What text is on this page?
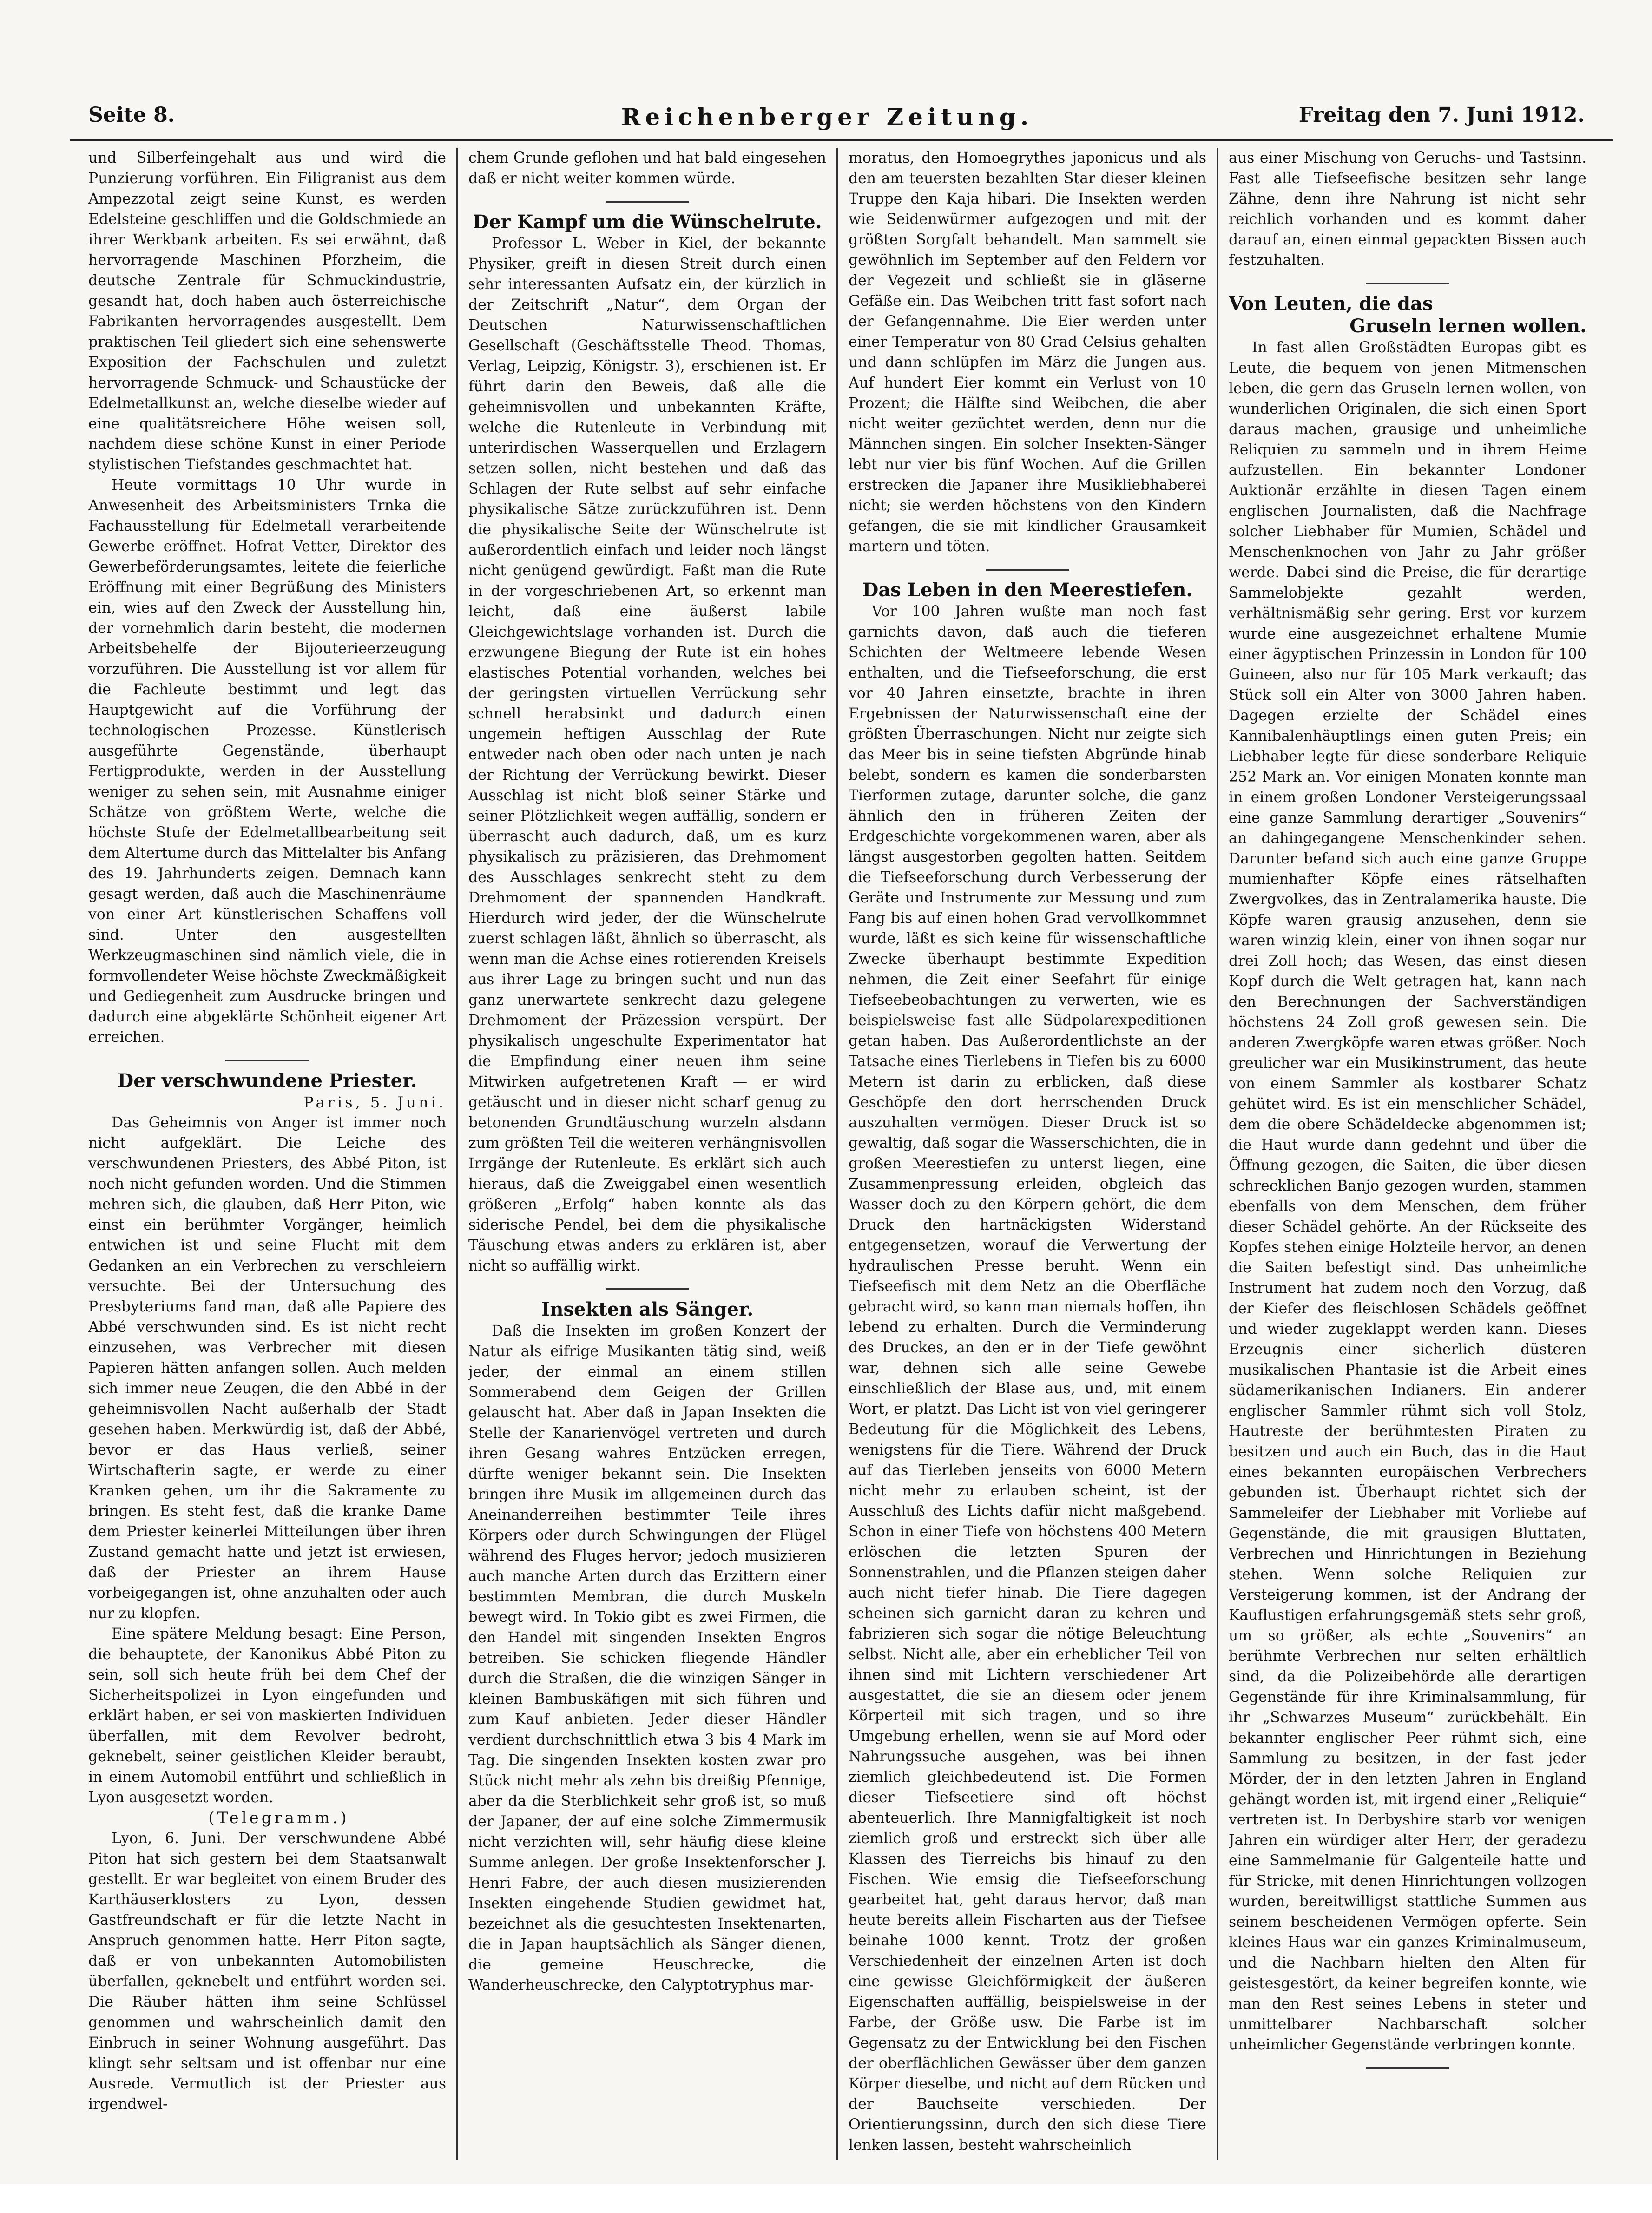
Seite 8.	Reichenberger Zeitung.	Freitag den 7. Juni 1912.

und Silberfeingehalt aus und wird die Punzierung vorführen. Ein Filigranist aus dem Ampezzotal zeigt seine Kunst, es werden Edelsteine geschliffen und die Goldschmiede an ihrer Werkbank arbeiten. Es sei erwähnt, daß hervorragende Maschinen Pforzheim, die deutsche Zentrale für Schmuckindustrie, gesandt hat, doch haben auch österreichische Fabrikanten hervorragendes ausgestellt. Dem praktischen Teil gliedert sich eine sehenswerte Exposition der Fachschulen und zuletzt hervorragende Schmuck- und Schaustücke der Edelmetallkunst an, welche dieselbe wieder auf eine qualitätsreichere Höhe weisen soll, nachdem diese schöne Kunst in einer Periode stylistischen Tiefstandes geschmachtet hat.

Heute vormittags 10 Uhr wurde in Anwesenheit des Arbeitsministers Trnka die Fachausstellung für Edelmetall verarbeitende Gewerbe eröffnet. Hofrat Vetter, Direktor des Gewerbeförderungsamtes, leitete die feierliche Eröffnung mit einer Begrüßung des Ministers ein, wies auf den Zweck der Ausstellung hin, der vornehmlich darin besteht, die modernen Arbeitsbehelfe der Bijouterieerzeugung vorzuführen. Die Ausstellung ist vor allem für die Fachleute bestimmt und legt das Hauptgewicht auf die Vorführung der technologischen Prozesse. Künstlerisch ausgeführte Gegenstände, überhaupt Fertigprodukte, werden in der Ausstellung weniger zu sehen sein, mit Ausnahme einiger Schätze von größtem Werte, welche die höchste Stufe der Edelmetallbearbeitung seit dem Altertume durch das Mittelalter bis Anfang des 19. Jahrhunderts zeigen. Demnach kann gesagt werden, daß auch die Maschinenräume von einer Art künstlerischen Schaffens voll sind. Unter den ausgestellten Werkzeugmaschinen sind nämlich viele, die in formvollendeter Weise höchste Zweckmäßigkeit und Gediegenheit zum Ausdrucke bringen und dadurch eine abgeklärte Schönheit eigener Art erreichen.

Der verschwundene Priester.

Paris, 5. Juni.

Das Geheimnis von Anger ist immer noch nicht aufgeklärt. Die Leiche des verschwundenen Priesters, des Abbé Piton, ist noch nicht gefunden worden. Und die Stimmen mehren sich, die glauben, daß Herr Piton, wie einst ein berühmter Vorgänger, heimlich entwichen ist und seine Flucht mit dem Gedanken an ein Verbrechen zu verschleiern versuchte. Bei der Untersuchung des Presbyteriums fand man, daß alle Papiere des Abbé verschwunden sind. Es ist nicht recht einzusehen, was Verbrecher mit diesen Papieren hätten anfangen sollen. Auch melden sich immer neue Zeugen, die den Abbé in der geheimnisvollen Nacht außerhalb der Stadt gesehen haben. Merkwürdig ist, daß der Abbé, bevor er das Haus verließ, seiner Wirtschafterin sagte, er werde zu einer Kranken gehen, um ihr die Sakramente zu bringen. Es steht fest, daß die kranke Dame dem Priester keinerlei Mitteilungen über ihren Zustand gemacht hatte und jetzt ist erwiesen, daß der Priester an ihrem Hause vorbeigegangen ist, ohne anzuhalten oder auch nur zu klopfen.

Eine spätere Meldung besagt: Eine Person, die behauptete, der Kanonikus Abbé Piton zu sein, soll sich heute früh bei dem Chef der Sicherheitspolizei in Lyon eingefunden und erklärt haben, er sei von maskierten Individuen überfallen, mit dem Revolver bedroht, geknebelt, seiner geistlichen Kleider beraubt, in einem Automobil entführt und schließlich in Lyon ausgesetzt worden.

(Telegramm.)

Lyon, 6. Juni. Der verschwundene Abbé Piton hat sich gestern bei dem Staatsanwalt gestellt. Er war begleitet von einem Bruder des Karthäuserklosters zu Lyon, dessen Gastfreundschaft er für die letzte Nacht in Anspruch genommen hatte. Herr Piton sagte, daß er von unbekannten Automobilisten überfallen, geknebelt und entführt worden sei. Die Räuber hätten ihm seine Schlüssel genommen und wahrscheinlich damit den Einbruch in seiner Wohnung ausgeführt. Das klingt sehr seltsam und ist offenbar nur eine Ausrede. Vermutlich ist der Priester aus irgendwel-

chem Grunde geflohen und hat bald eingesehen daß er nicht weiter kommen würde.

Der Kampf um die Wünschelrute.

Professor L. Weber in Kiel, der bekannte Physiker, greift in diesen Streit durch einen sehr interessanten Aufsatz ein, der kürzlich in der Zeitschrift „Natur“, dem Organ der Deutschen Naturwissenschaftlichen Gesellschaft (Geschäftsstelle Theod. Thomas, Verlag, Leipzig, Königstr. 3), erschienen ist. Er führt darin den Beweis, daß alle die geheimnisvollen und unbekannten Kräfte, welche die Rutenleute in Verbindung mit unterirdischen Wasserquellen und Erzlagern setzen sollen, nicht bestehen und daß das Schlagen der Rute selbst auf sehr einfache physikalische Sätze zurückzuführen ist. Denn die physikalische Seite der Wünschelrute ist außerordentlich einfach und leider noch längst nicht genügend gewürdigt. Faßt man die Rute in der vorgeschriebenen Art, so erkennt man leicht, daß eine äußerst labile Gleichgewichtslage vorhanden ist. Durch die erzwungene Biegung der Rute ist ein hohes elastisches Potential vorhanden, welches bei der geringsten virtuellen Verrückung sehr schnell herabsinkt und dadurch einen ungemein heftigen Ausschlag der Rute entweder nach oben oder nach unten je nach der Richtung der Verrückung bewirkt. Dieser Ausschlag ist nicht bloß seiner Stärke und seiner Plötzlichkeit wegen auffällig, sondern er überrascht auch dadurch, daß, um es kurz physikalisch zu präzisieren, das Drehmoment des Ausschlages senkrecht steht zu dem Drehmoment der spannenden Handkraft. Hierdurch wird jeder, der die Wünschelrute zuerst schlagen läßt, ähnlich so überrascht, als wenn man die Achse eines rotierenden Kreisels aus ihrer Lage zu bringen sucht und nun das ganz unerwartete senkrecht dazu gelegene Drehmoment der Präzession verspürt. Der physikalisch ungeschulte Experimentator hat die Empfindung einer neuen ihm seine Mitwirken aufgetretenen Kraft — er wird getäuscht und in dieser nicht scharf genug zu betonenden Grundtäuschung wurzeln alsdann zum größten Teil die weiteren verhängnisvollen Irrgänge der Rutenleute. Es erklärt sich auch hieraus, daß die Zweiggabel einen wesentlich größeren „Erfolg“ haben konnte als das siderische Pendel, bei dem die physikalische Täuschung etwas anders zu erklären ist, aber nicht so auffällig wirkt.

Insekten als Sänger.

Daß die Insekten im großen Konzert der Natur als eifrige Musikanten tätig sind, weiß jeder, der einmal an einem stillen Sommerabend dem Geigen der Grillen gelauscht hat. Aber daß in Japan Insekten die Stelle der Kanarienvögel vertreten und durch ihren Gesang wahres Entzücken erregen, dürfte weniger bekannt sein. Die Insekten bringen ihre Musik im allgemeinen durch das Aneinanderreihen bestimmter Teile ihres Körpers oder durch Schwingungen der Flügel während des Fluges hervor; jedoch musizieren auch manche Arten durch das Erzittern einer bestimmten Membran, die durch Muskeln bewegt wird. In Tokio gibt es zwei Firmen, die den Handel mit singenden Insekten Engros betreiben. Sie schicken fliegende Händler durch die Straßen, die die winzigen Sänger in kleinen Bambuskäfigen mit sich führen und zum Kauf anbieten. Jeder dieser Händler verdient durchschnittlich etwa 3 bis 4 Mark im Tag. Die singenden Insekten kosten zwar pro Stück nicht mehr als zehn bis dreißig Pfennige, aber da die Sterblichkeit sehr groß ist, so muß der Japaner, der auf eine solche Zimmermusik nicht verzichten will, sehr häufig diese kleine Summe anlegen. Der große Insektenforscher J. Henri Fabre, der auch diesen musizierenden Insekten eingehende Studien gewidmet hat, bezeichnet als die gesuchtesten Insektenarten, die in Japan hauptsächlich als Sänger dienen, die gemeine Heuschrecke, die Wanderheuschrecke, den Calyptotryphus mar-

moratus, den Homoegrythes japonicus und als den am teuersten bezahlten Star dieser kleinen Truppe den Kaja hibari. Die Insekten werden wie Seidenwürmer aufgezogen und mit der größten Sorgfalt behandelt. Man sammelt sie gewöhnlich im September auf den Feldern vor der Vegezeit und schließt sie in gläserne Gefäße ein. Das Weibchen tritt fast sofort nach der Gefangennahme. Die Eier werden unter einer Temperatur von 80 Grad Celsius gehalten und dann schlüpfen im März die Jungen aus. Auf hundert Eier kommt ein Verlust von 10 Prozent; die Hälfte sind Weibchen, die aber nicht weiter gezüchtet werden, denn nur die Männchen singen. Ein solcher Insekten-Sänger lebt nur vier bis fünf Wochen. Auf die Grillen erstrecken die Japaner ihre Musikliebhaberei nicht; sie werden höchstens von den Kindern gefangen, die sie mit kindlicher Grausamkeit martern und töten.

Das Leben in den Meerestiefen.

Vor 100 Jahren wußte man noch fast garnichts davon, daß auch die tieferen Schichten der Weltmeere lebende Wesen enthalten, und die Tiefseeforschung, die erst vor 40 Jahren einsetzte, brachte in ihren Ergebnissen der Naturwissenschaft eine der größten Überraschungen. Nicht nur zeigte sich das Meer bis in seine tiefsten Abgründe hinab belebt, sondern es kamen die sonderbarsten Tierformen zutage, darunter solche, die ganz ähnlich den in früheren Zeiten der Erdgeschichte vorgekommenen waren, aber als längst ausgestorben gegolten hatten. Seitdem die Tiefseeforschung durch Verbesserung der Geräte und Instrumente zur Messung und zum Fang bis auf einen hohen Grad vervollkommnet wurde, läßt es sich keine für wissenschaftliche Zwecke überhaupt bestimmte Expedition nehmen, die Zeit einer Seefahrt für einige Tiefseebeobachtungen zu verwerten, wie es beispielsweise fast alle Südpolarexpeditionen getan haben. Das Außerordentlichste an der Tatsache eines Tierlebens in Tiefen bis zu 6000 Metern ist darin zu erblicken, daß diese Geschöpfe den dort herrschenden Druck auszuhalten vermögen. Dieser Druck ist so gewaltig, daß sogar die Wasserschichten, die in großen Meerestiefen zu unterst liegen, eine Zusammenpressung erleiden, obgleich das Wasser doch zu den Körpern gehört, die dem Druck den hartnäckigsten Widerstand entgegensetzen, worauf die Verwertung der hydraulischen Presse beruht. Wenn ein Tiefseefisch mit dem Netz an die Oberfläche gebracht wird, so kann man niemals hoffen, ihn lebend zu erhalten. Durch die Verminderung des Druckes, an den er in der Tiefe gewöhnt war, dehnen sich alle seine Gewebe einschließlich der Blase aus, und, mit einem Wort, er platzt. Das Licht ist von viel geringerer Bedeutung für die Möglichkeit des Lebens, wenigstens für die Tiere. Während der Druck auf das Tierleben jenseits von 6000 Metern nicht mehr zu erlauben scheint, ist der Ausschluß des Lichts dafür nicht maßgebend. Schon in einer Tiefe von höchstens 400 Metern erlöschen die letzten Spuren der Sonnenstrahlen, und die Pflanzen steigen daher auch nicht tiefer hinab. Die Tiere dagegen scheinen sich garnicht daran zu kehren und fabrizieren sich sogar die nötige Beleuchtung selbst. Nicht alle, aber ein erheblicher Teil von ihnen sind mit Lichtern verschiedener Art ausgestattet, die sie an diesem oder jenem Körperteil mit sich tragen, und so ihre Umgebung erhellen, wenn sie auf Mord oder Nahrungssuche ausgehen, was bei ihnen ziemlich gleichbedeutend ist. Die Formen dieser Tiefseetiere sind oft höchst abenteuerlich. Ihre Mannigfaltigkeit ist noch ziemlich groß und erstreckt sich über alle Klassen des Tierreichs bis hinauf zu den Fischen. Wie emsig die Tiefseeforschung gearbeitet hat, geht daraus hervor, daß man heute bereits allein Fischarten aus der Tiefsee beinahe 1000 kennt. Trotz der großen Verschiedenheit der einzelnen Arten ist doch eine gewisse Gleichförmigkeit der äußeren Eigenschaften auffällig, beispielsweise in der Farbe, der Größe usw. Die Farbe ist im Gegensatz zu der Entwicklung bei den Fischen der oberflächlichen Gewässer über dem ganzen Körper dieselbe, und nicht auf dem Rücken und der Bauchseite verschieden. Der Orientierungssinn, durch den sich diese Tiere lenken lassen, besteht wahrscheinlich

aus einer Mischung von Geruchs- und Tastsinn. Fast alle Tiefseefische besitzen sehr lange Zähne, denn ihre Nahrung ist nicht sehr reichlich vorhanden und es kommt daher darauf an, einen einmal gepackten Bissen auch festzuhalten.

Von Leuten, die das

Gruseln lernen wollen.

In fast allen Großstädten Europas gibt es Leute, die bequem von jenen Mitmenschen leben, die gern das Gruseln lernen wollen, von wunderlichen Originalen, die sich einen Sport daraus machen, grausige und unheimliche Reliquien zu sammeln und in ihrem Heime aufzustellen. Ein bekannter Londoner Auktionär erzählte in diesen Tagen einem englischen Journalisten, daß die Nachfrage solcher Liebhaber für Mumien, Schädel und Menschenknochen von Jahr zu Jahr größer werde. Dabei sind die Preise, die für derartige Sammelobjekte gezahlt werden, verhältnismäßig sehr gering. Erst vor kurzem wurde eine ausgezeichnet erhaltene Mumie einer ägyptischen Prinzessin in London für 100 Guineen, also nur für 105 Mark verkauft; das Stück soll ein Alter von 3000 Jahren haben. Dagegen erzielte der Schädel eines Kannibalenhäuptlings einen guten Preis; ein Liebhaber legte für diese sonderbare Reliquie 252 Mark an. Vor einigen Monaten konnte man in einem großen Londoner Versteigerungssaal eine ganze Sammlung derartiger „Souvenirs“ an dahingegangene Menschenkinder sehen. Darunter befand sich auch eine ganze Gruppe mumienhafter Köpfe eines rätselhaften Zwergvolkes, das in Zentralamerika hauste. Die Köpfe waren grausig anzusehen, denn sie waren winzig klein, einer von ihnen sogar nur drei Zoll hoch; das Wesen, das einst diesen Kopf durch die Welt getragen hat, kann nach den Berechnungen der Sachverständigen höchstens 24 Zoll groß gewesen sein. Die anderen Zwergköpfe waren etwas größer. Noch greulicher war ein Musikinstrument, das heute von einem Sammler als kostbarer Schatz gehütet wird. Es ist ein menschlicher Schädel, dem die obere Schädeldecke abgenommen ist; die Haut wurde dann gedehnt und über die Öffnung gezogen, die Saiten, die über diesen schrecklichen Banjo gezogen wurden, stammen ebenfalls von dem Menschen, dem früher dieser Schädel gehörte. An der Rückseite des Kopfes stehen einige Holzteile hervor, an denen die Saiten befestigt sind. Das unheimliche Instrument hat zudem noch den Vorzug, daß der Kiefer des fleischlosen Schädels geöffnet und wieder zugeklappt werden kann. Dieses Erzeugnis einer sicherlich düsteren musikalischen Phantasie ist die Arbeit eines südamerikanischen Indianers. Ein anderer englischer Sammler rühmt sich voll Stolz, Hautreste der berühmtesten Piraten zu besitzen und auch ein Buch, das in die Haut eines bekannten europäischen Verbrechers gebunden ist. Überhaupt richtet sich der Sammeleifer der Liebhaber mit Vorliebe auf Gegenstände, die mit grausigen Bluttaten, Verbrechen und Hinrichtungen in Beziehung stehen. Wenn solche Reliquien zur Versteigerung kommen, ist der Andrang der Kauflustigen erfahrungsgemäß stets sehr groß, um so größer, als echte „Souvenirs“ an berühmte Verbrechen nur selten erhältlich sind, da die Polizeibehörde alle derartigen Gegenstände für ihre Kriminalsammlung, für ihr „Schwarzes Museum“ zurückbehält. Ein bekannter englischer Peer rühmt sich, eine Sammlung zu besitzen, in der fast jeder Mörder, der in den letzten Jahren in England gehängt worden ist, mit irgend einer „Reliquie“ vertreten ist. In Derbyshire starb vor wenigen Jahren ein würdiger alter Herr, der geradezu eine Sammelmanie für Galgenteile hatte und für Stricke, mit denen Hinrichtungen vollzogen wurden, bereitwilligst stattliche Summen aus seinem bescheidenen Vermögen opferte. Sein kleines Haus war ein ganzes Kriminalmuseum, und die Nachbarn hielten den Alten für geistesgestört, da keiner begreifen konnte, wie man den Rest seines Lebens in steter und unmittelbarer Nachbarschaft solcher unheimlicher Gegenstände verbringen konnte.
